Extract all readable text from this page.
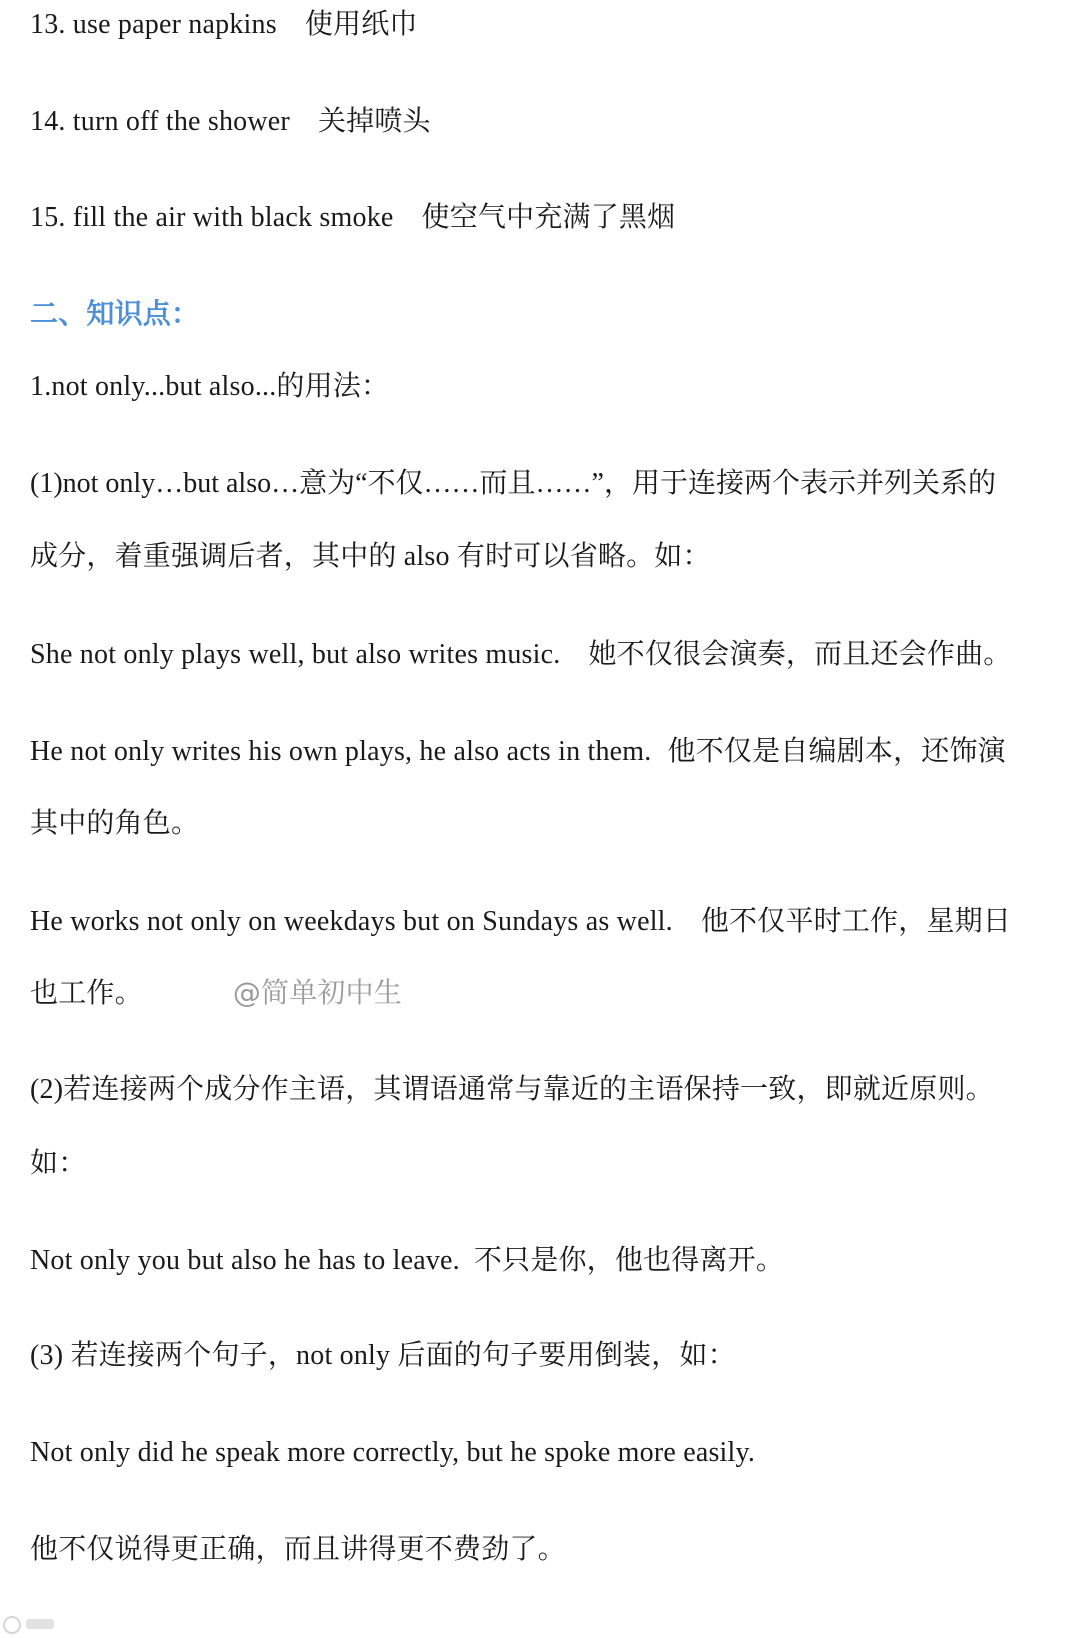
13. use paper napkins 使用纸巾
14. turn off the shower 关掉喷头
15. fill the air with black smoke 使空气中充满了黑烟
二、知识点：
1.not only...but also...的用法：
(1)not only…but also…意为“不仅……而且……”，用于连接两个表示并列关系的
成分，着重强调后者，其中的 also 有时可以省略。如：
She not only plays well, but also writes music. 她不仅很会演奏，而且还会作曲。
He not only writes his own plays, he also acts in them. 他不仅是自编剧本，还饰演
其中的角色。
He works not only on weekdays but on Sundays as well. 他不仅平时工作，星期日
也工作。	@简单初中生
(2)若连接两个成分作主语，其谓语通常与靠近的主语保持一致，即就近原则。
如：
Not only you but also he has to leave. 不只是你，他也得离开。
(3) 若连接两个句子，not only 后面的句子要用倒装，如：
Not only did he speak more correctly, but he spoke more easily.
他不仅说得更正确，而且讲得更不费劲了。
